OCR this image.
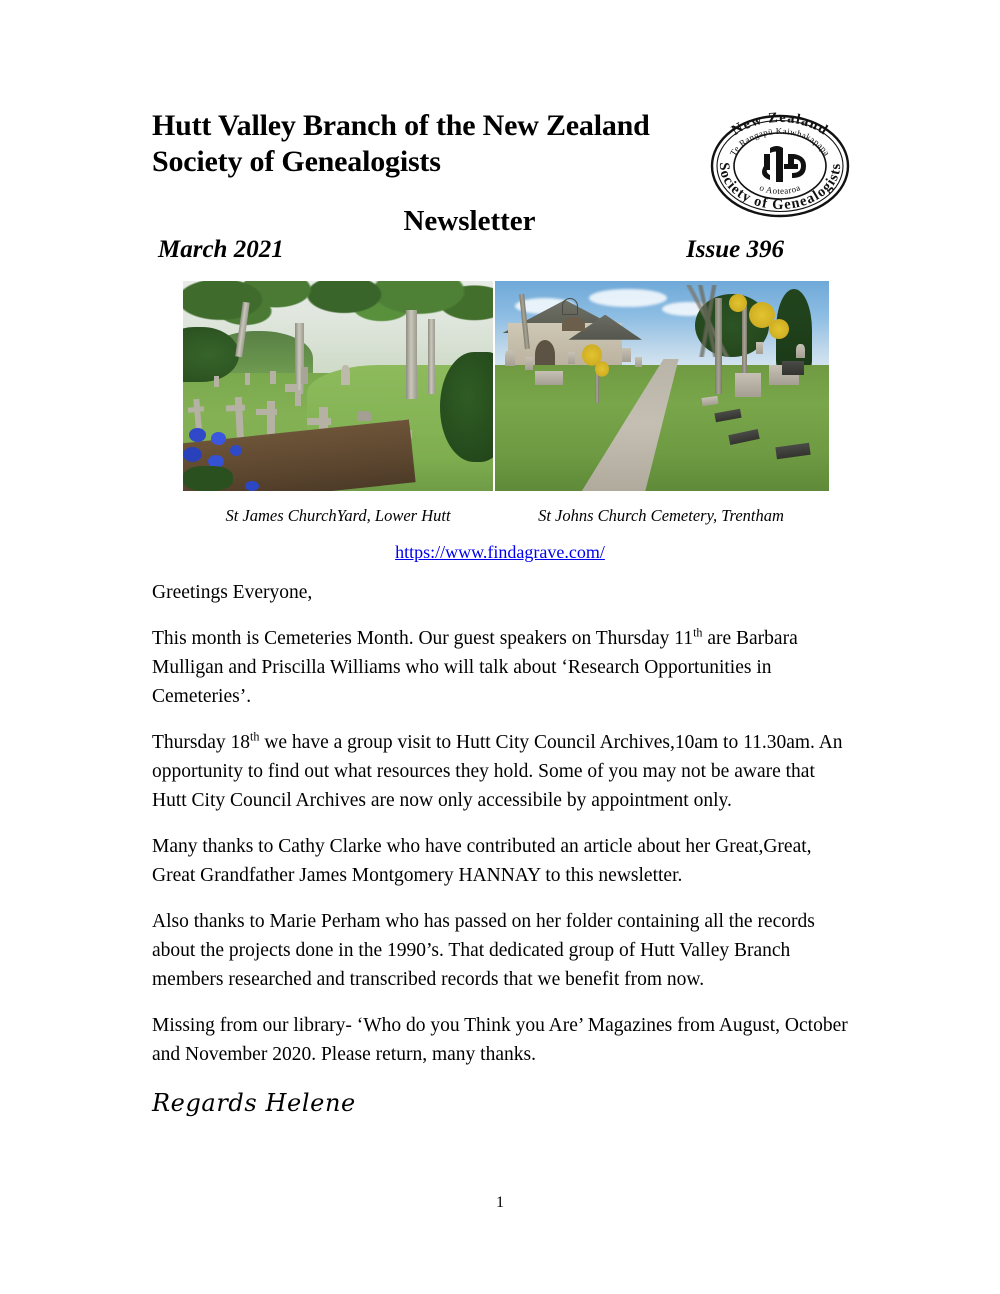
Hutt Valley Branch of the New Zealand
Society of Genealogists
Newsletter
New Zealand
Te Rangapū Kaiwhakapapa
Society of Genealogists
o Aotearoa
March 2021	Issue 396
St James ChurchYard, Lower Hutt	St Johns Church Cemetery, Trentham
https://www.findagrave.com/

Greetings Everyone,

This month is Cemeteries Month. Our guest speakers on Thursday 11th are Barbara Mulligan and Priscilla Williams who will talk about ‘Research Opportunities in Cemeteries’.

Thursday 18th we have a group visit to Hutt City Council Archives,10am to 11.30am. An opportunity to find out what resources they hold. Some of you may not be aware that Hutt City Council Archives are now only accessibile by appointment only.

Many thanks to Cathy Clarke who have contributed an article about her Great,Great, Great Grandfather James Montgomery HANNAY to this newsletter.

Also thanks to Marie Perham who has passed on her folder containing all the records about the projects done in the 1990’s. That dedicated group of Hutt Valley Branch members researched and transcribed records that we benefit from now.

Missing from our library- ‘Who do you Think you Are’ Magazines from August, October and November 2020. Please return, many thanks.

Regards Helene
1
